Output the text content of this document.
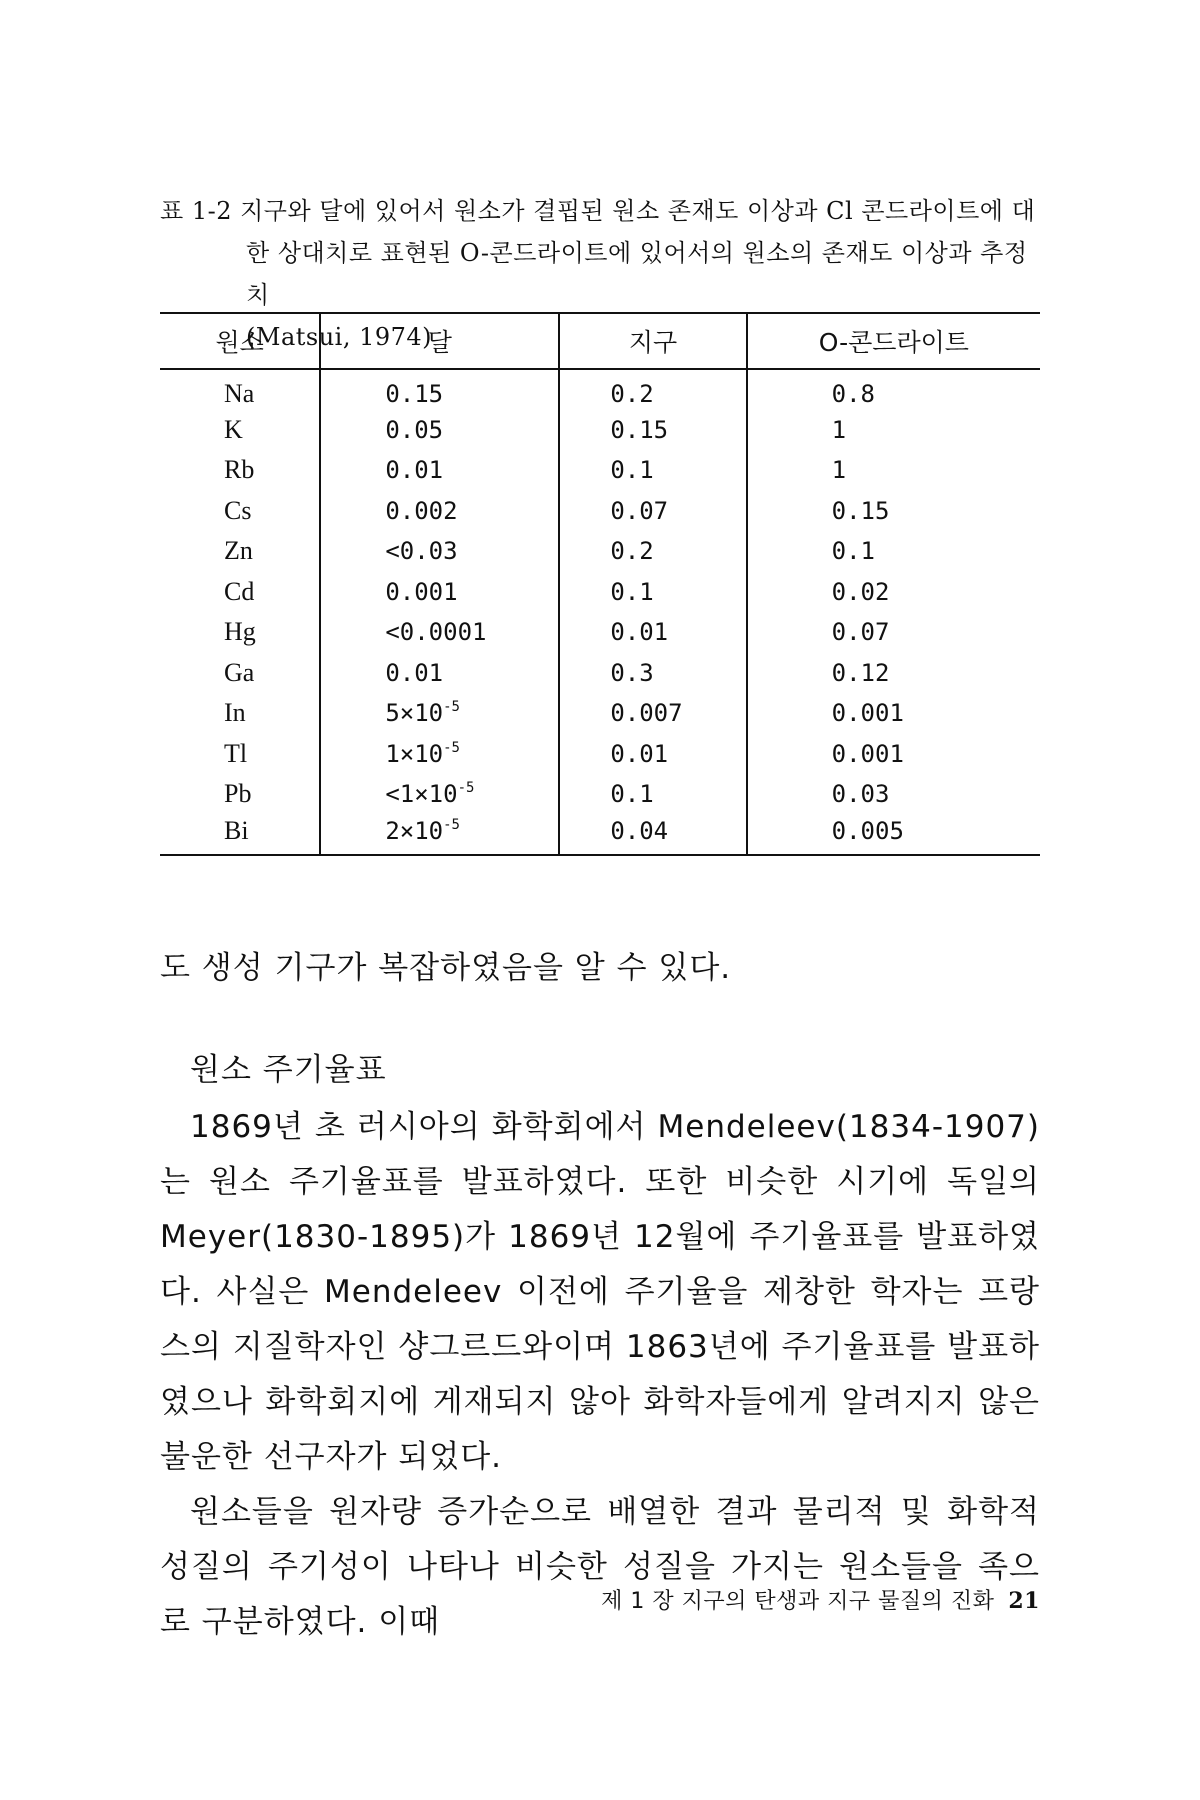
표 1-2 지구와 달에 있어서 원소가 결핍된 원소 존재도 이상과 Cl 콘드라이트에 대
한 상대치로 표현된 O-콘드라이트에 있어서의 원소의 존재도 이상과 추정치
(Matsui, 1974)
원소	달	지구	O-콘드라이트
Na	0.15	0.2	0.8
K	0.05	0.15	1
Rb	0.01	0.1	1
Cs	0.002	0.07	0.15
Zn	<0.03	0.2	0.1
Cd	0.001	0.1	0.02
Hg	<0.0001	0.01	0.07
Ga	0.01	0.3	0.12
In	$5\times 10^{-5}$	0.007	0.001
Tl	$1\times 10^{-5}$	0.01	0.001
Pb	$<1\times 10^{-5}$	0.1	0.03
Bi	$2\times 10^{-5}$	0.04	0.005
도 생성 기구가 복잡하였음을 알 수 있다.
원소 주기율표

1869년 초 러시아의 화학회에서 Mendeleev(1834-1907)는 원소 주기율표를 발표하였다. 또한 비슷한 시기에 독일의 Meyer(1830-1895)가 1869년 12월에 주기율표를 발표하였다. 사실은 Mendeleev 이전에 주기율을 제창한 학자는 프랑스의 지질학자인 샹그르드와이며 1863년에 주기율표를 발표하였으나 화학회지에 게재되지 않아 화학자들에게 알려지지 않은 불운한 선구자가 되었다.

원소들을 원자량 증가순으로 배열한 결과 물리적 및 화학적 성질의 주기성이 나타나 비슷한 성질을 가지는 원소들을 족으로 구분하였다. 이때

제 1 장 지구의 탄생과 지구 물질의 진화 21
